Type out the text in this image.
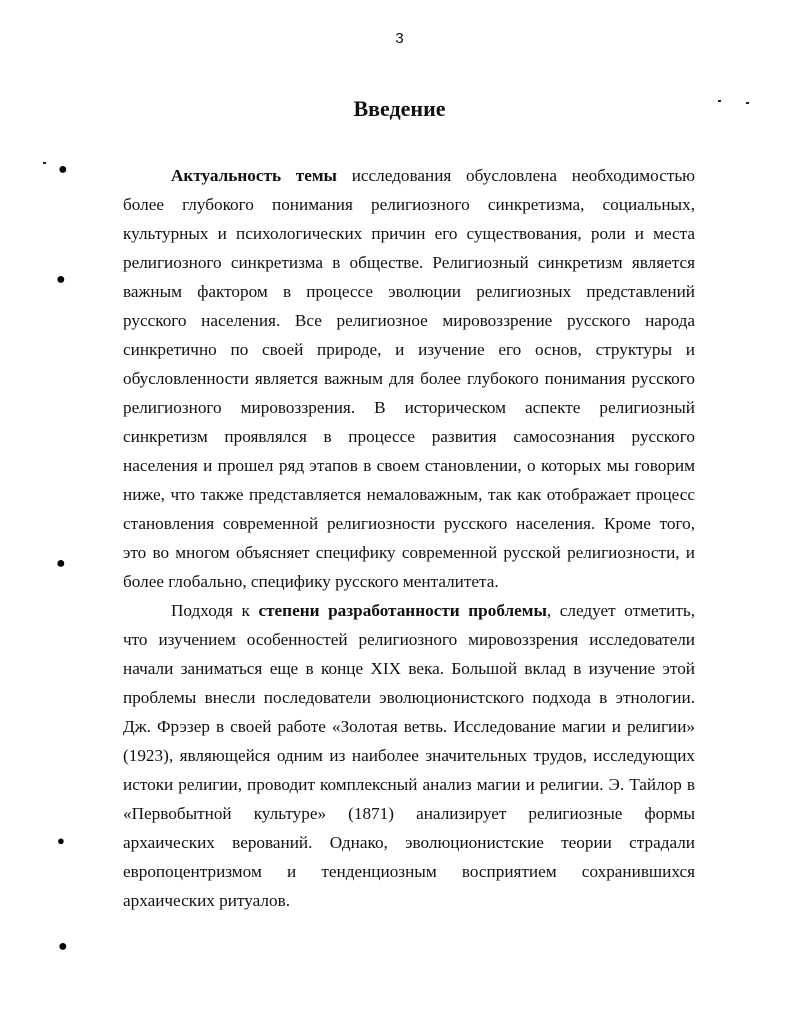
3
Введение

Актуальность темы исследования обусловлена необходимостью более глубокого понимания религиозного синкретизма, социальных, культурных и психологических причин его существования, роли и места религиозного синкретизма в обществе. Религиозный синкретизм является важным фактором в процессе эволюции религиозных представлений русского населения. Все религиозное мировоззрение русского народа синкретично по своей природе, и изучение его основ, структуры и обусловленности является важным для более глубокого понимания русского религиозного мировоззрения. В историческом аспекте религиозный синкретизм проявлялся в процессе развития самосознания русского населения и прошел ряд этапов в своем становлении, о которых мы говорим ниже, что также представляется немаловажным, так как отображает процесс становления современной религиозности русского населения. Кроме того, это во многом объясняет специфику современной русской религиозности, и более глобально, специфику русского менталитета.

Подходя к степени разработанности проблемы, следует отметить, что изучением особенностей религиозного мировоззрения исследователи начали заниматься еще в конце XIX века. Большой вклад в изучение этой проблемы внесли последователи эволюционистского подхода в этнологии. Дж. Фрэзер в своей работе «Золотая ветвь. Исследование магии и религии» (1923), являющейся одним из наиболее значительных трудов, исследующих истоки религии, проводит комплексный анализ магии и религии. Э. Тайлор в «Первобытной культуре» (1871) анализирует религиозные формы архаических верований. Однако, эволюционистские теории страдали европоцентризмом и тенденциозным восприятием сохранившихся архаических ритуалов.

●
●
●
●
●
